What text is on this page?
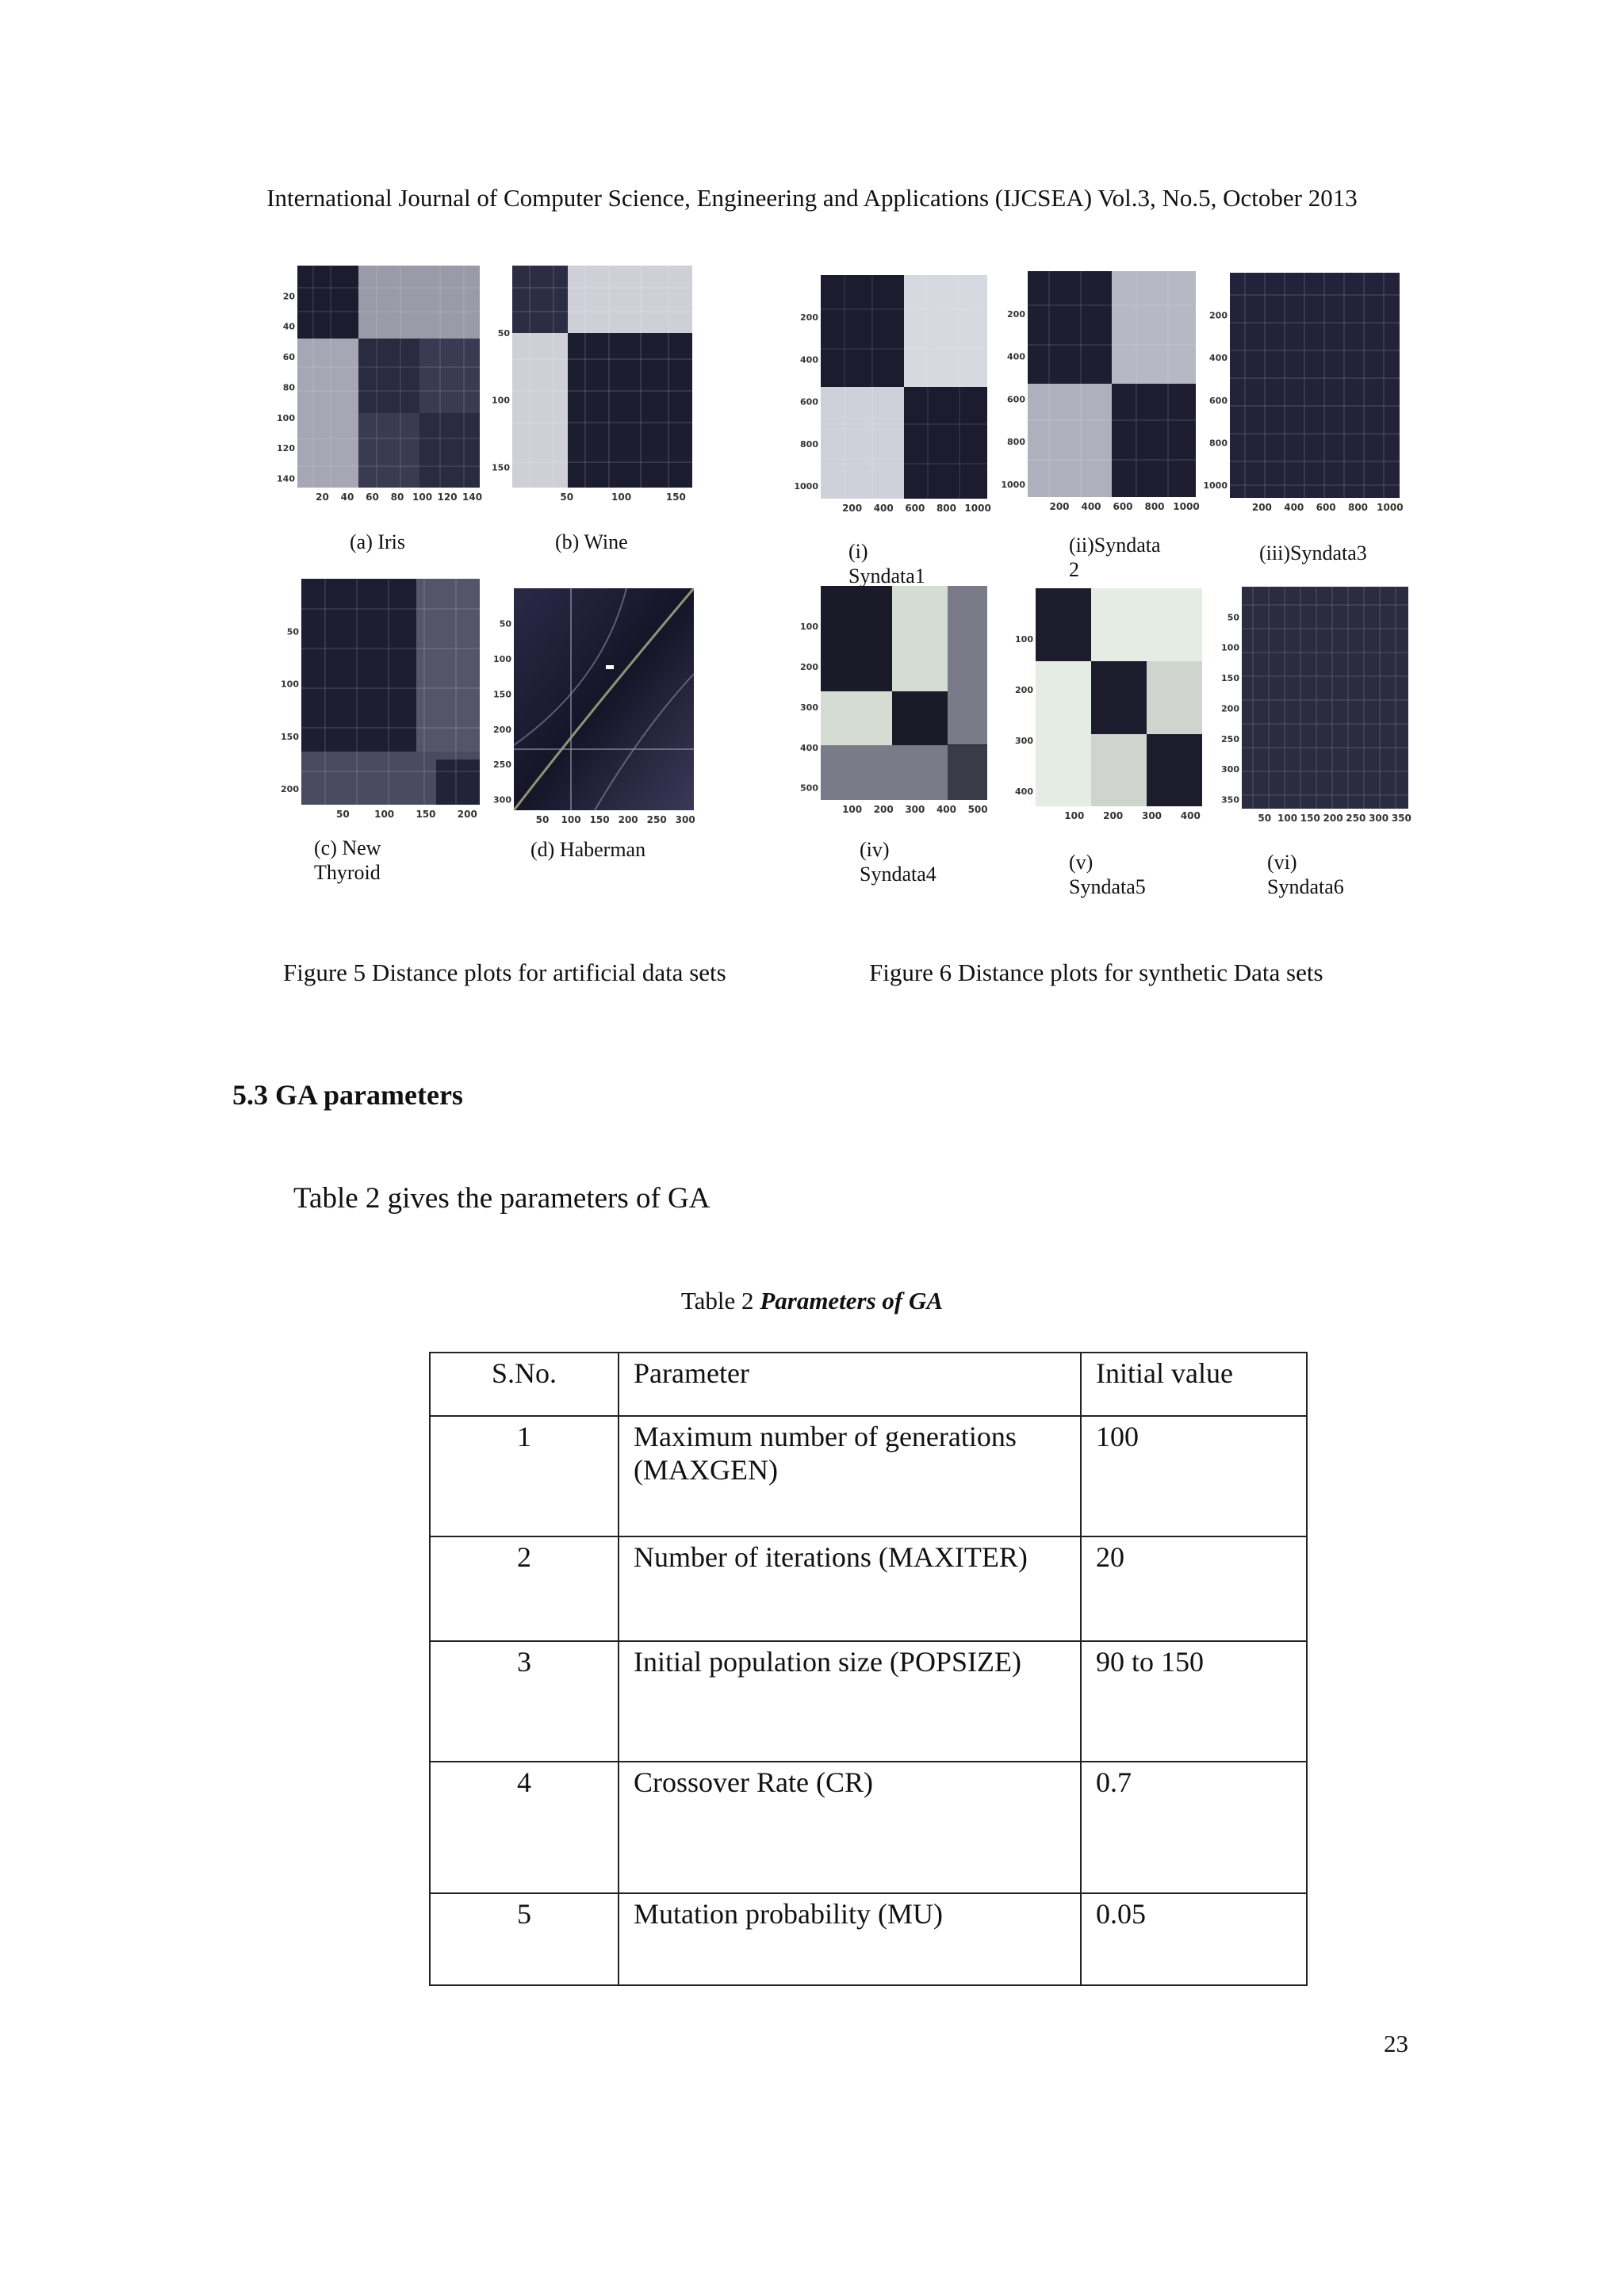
International Journal of Computer Science, Engineering and Applications (IJCSEA) Vol.3, No.5, October 2013
20 40 60 80 100 120 140
20
40
60
80
100
120
140
50	100	150
50
100
150
50	100 150 200
50
100
150
200
50 100 150 200 250 300
50
100
150
200
250
300
(a) Iris	(b) Wine
(c) New
Thyroid
(d) Haberman
200 400 600 800 1000
200
400
600
800
1000
200 400 600 800 1000
200
400
600
800
1000
200 400 600 800 1000
200
400
600
800
1000
100 200 300 400 500
100
200
300
400
500
100 200 300 400
100
200
300
400
50 100 150 200 250 300 350
50
100
150
200
250
300
350
(i)
Syndata1
(ii)Syndata
2
(iii)Syndata3
(iv)
Syndata4
(v)
Syndata5
(vi)
Syndata6
Figure 5 Distance plots for artificial data sets	Figure 6 Distance plots for synthetic Data sets
5.3 GA parameters
Table 2 gives the parameters of GA
Table 2 Parameters of GA
S.No.	Parameter	Initial value
1	Maximum number of generations (MAXGEN)	100
2	Number of iterations (MAXITER)	20
3	Initial population size (POPSIZE)	90 to 150
4	Crossover Rate (CR)	0.7
5	Mutation probability (MU)	0.05
23
